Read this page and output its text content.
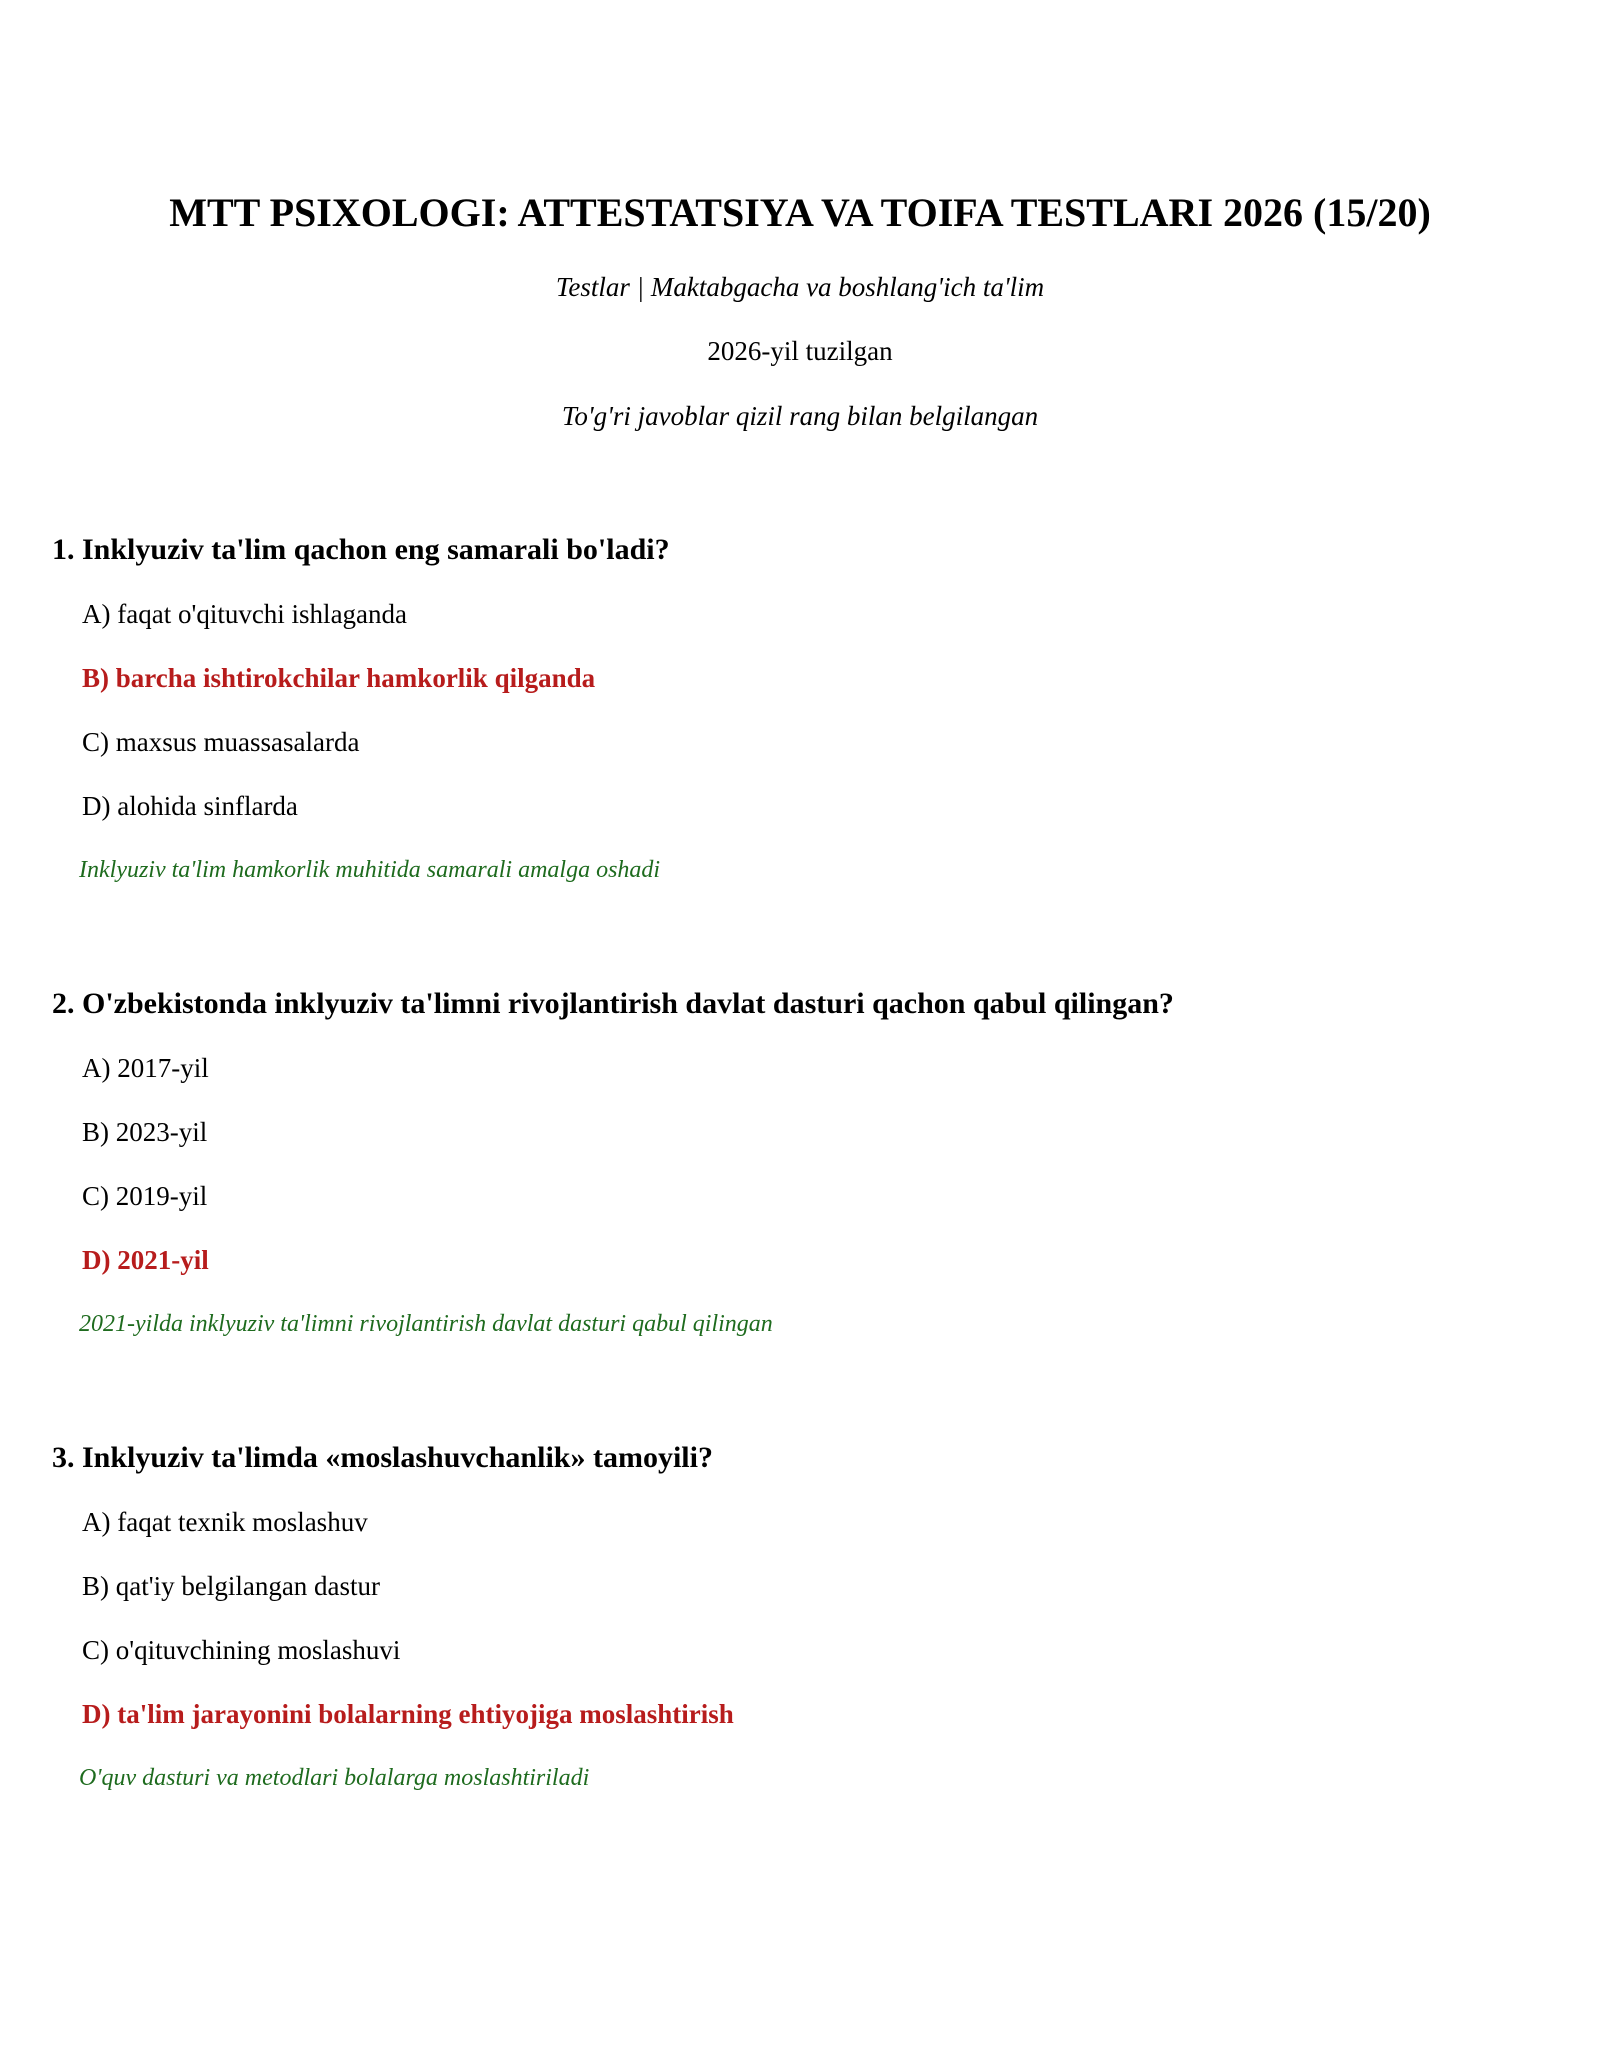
MTT PSIXOLOGI: ATTESTATSIYA VA TOIFA TESTLARI 2026 (15/20)

Testlar | Maktabgacha va boshlang'ich ta'lim

2026-yil tuzilgan

To'g'ri javoblar qizil rang bilan belgilangan

1. Inklyuziv ta'lim qachon eng samarali bo'ladi?

A) faqat o'qituvchi ishlaganda

B) barcha ishtirokchilar hamkorlik qilganda

C) maxsus muassasalarda

D) alohida sinflarda

Inklyuziv ta'lim hamkorlik muhitida samarali amalga oshadi

2. O'zbekistonda inklyuziv ta'limni rivojlantirish davlat dasturi qachon qabul qilingan?

A) 2017-yil

B) 2023-yil

C) 2019-yil

D) 2021-yil

2021-yilda inklyuziv ta'limni rivojlantirish davlat dasturi qabul qilingan

3. Inklyuziv ta'limda «moslashuvchanlik» tamoyili?

A) faqat texnik moslashuv

B) qat'iy belgilangan dastur

C) o'qituvchining moslashuvi

D) ta'lim jarayonini bolalarning ehtiyojiga moslashtirish

O'quv dasturi va metodlari bolalarga moslashtiriladi
